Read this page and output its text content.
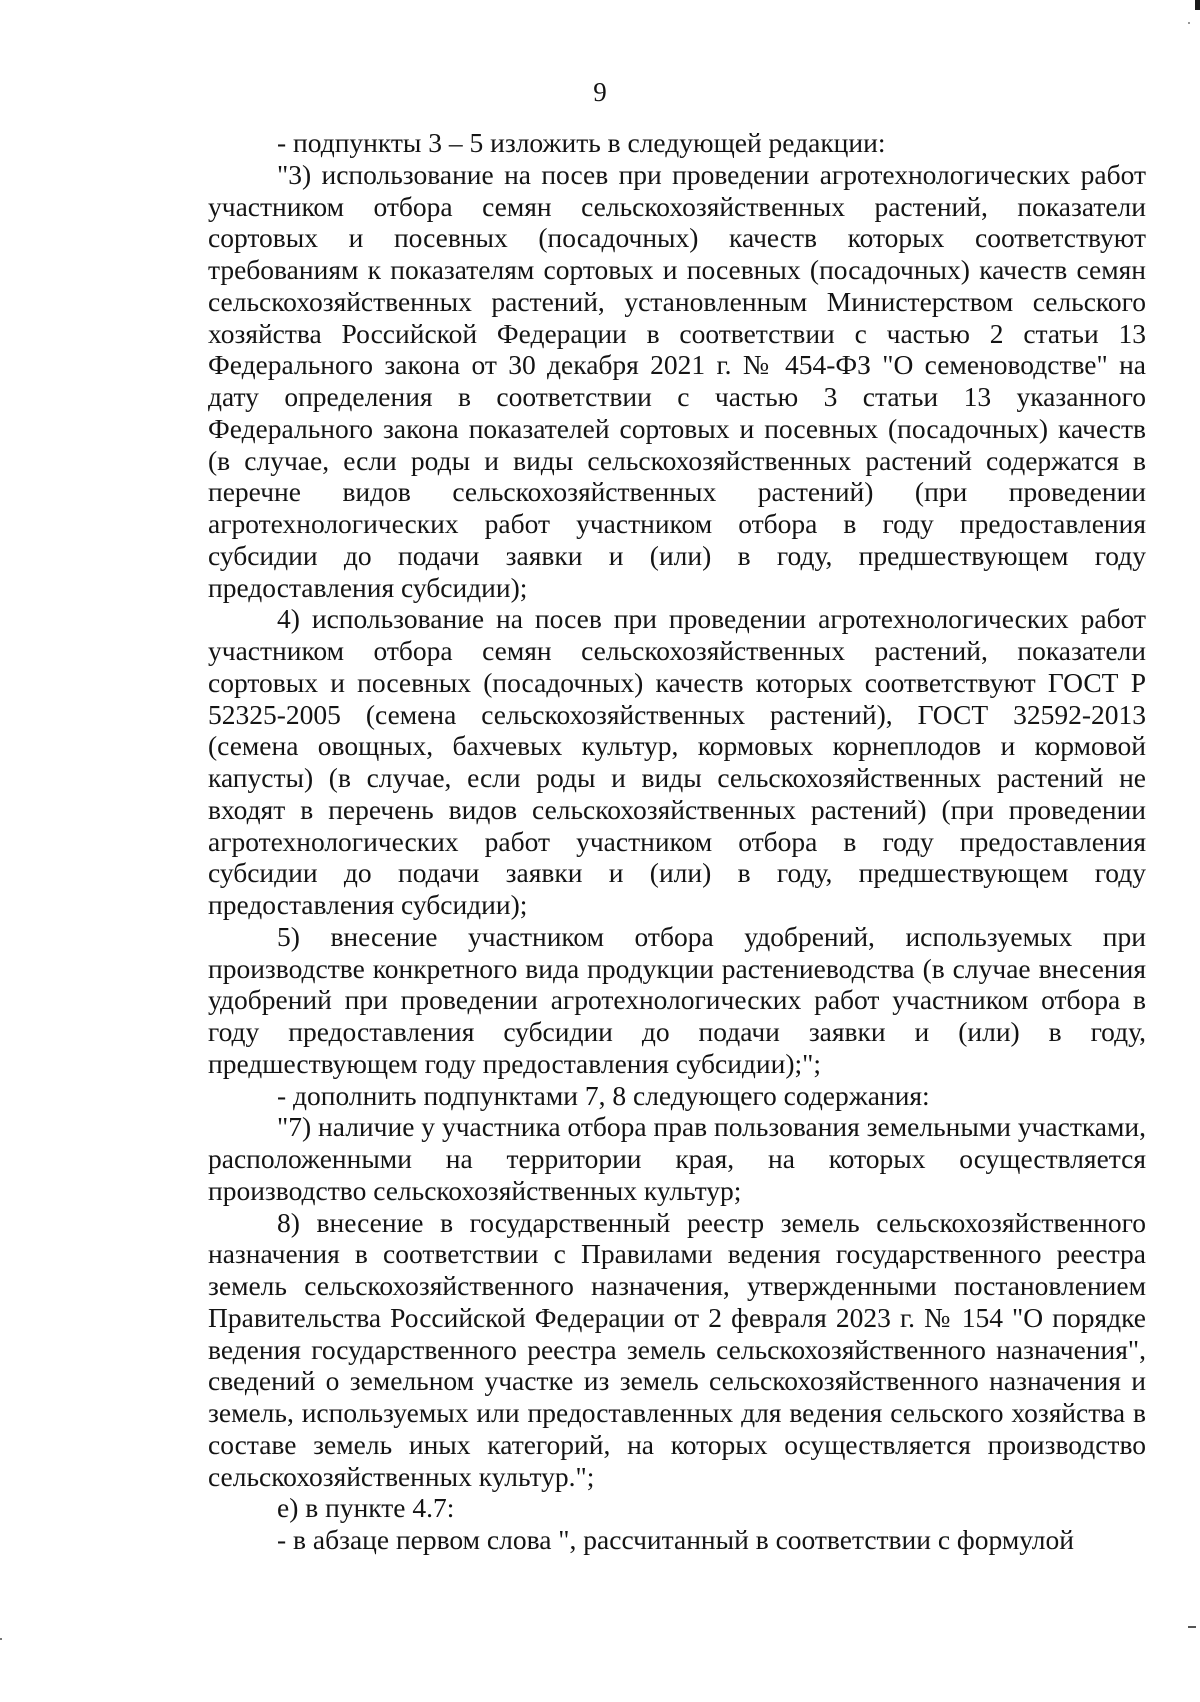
9

- подпункты 3 – 5 изложить в следующей редакции:

"3) использование на посев при проведении агротехнологических работ участником отбора семян сельскохозяйственных растений, показатели сортовых и посевных (посадочных) качеств которых соответствуют требованиям к показателям сортовых и посевных (посадочных) качеств семян сельскохозяйственных растений, установленным Министерством сельского хозяйства Российской Федерации в соответствии с частью 2 статьи 13 Федерального закона от 30 декабря 2021 г. № 454-ФЗ "О семеноводстве" на дату определения в соответствии с частью 3 статьи 13 указанного Федерального закона показателей сортовых и посевных (посадочных) качеств (в случае, если роды и виды сельскохозяйственных растений содержатся в перечне видов сельскохозяйственных растений) (при проведении агротехнологических работ участником отбора в году предоставления субсидии до подачи заявки и (или) в году, предшествующем году предоставления субсидии);

4) использование на посев при проведении агротехнологических работ участником отбора семян сельскохозяйственных растений, показатели сортовых и посевных (посадочных) качеств которых соответствуют ГОСТ Р 52325-2005 (семена сельскохозяйственных растений), ГОСТ 32592-2013 (семена овощных, бахчевых культур, кормовых корнеплодов и кормовой капусты) (в случае, если роды и виды сельскохозяйственных растений не входят в перечень видов сельскохозяйственных растений) (при проведении агротехнологических работ участником отбора в году предоставления субсидии до подачи заявки и (или) в году, предшествующем году предоставления субсидии);

5) внесение участником отбора удобрений, используемых при производстве конкретного вида продукции растениеводства (в случае внесения удобрений при проведении агротехнологических работ участником отбора в году предоставления субсидии до подачи заявки и (или) в году, предшествующем году предоставления субсидии);";

- дополнить подпунктами 7, 8 следующего содержания:

"7) наличие у участника отбора прав пользования земельными участками, расположенными на территории края, на которых осуществляется производство сельскохозяйственных культур;

8) внесение в государственный реестр земель сельскохозяйственного назначения в соответствии с Правилами ведения государственного реестра земель сельскохозяйственного назначения, утвержденными постановлением Правительства Российской Федерации от 2 февраля 2023 г. № 154 "О порядке ведения государственного реестра земель сельскохозяйственного назначения", сведений о земельном участке из земель сельскохозяйственного назначения и земель, используемых или предоставленных для ведения сельского хозяйства в составе земель иных категорий, на которых осуществляется производство сельскохозяйственных культур.";

е) в пункте 4.7:

- в абзаце первом слова ", рассчитанный в соответствии с формулой
